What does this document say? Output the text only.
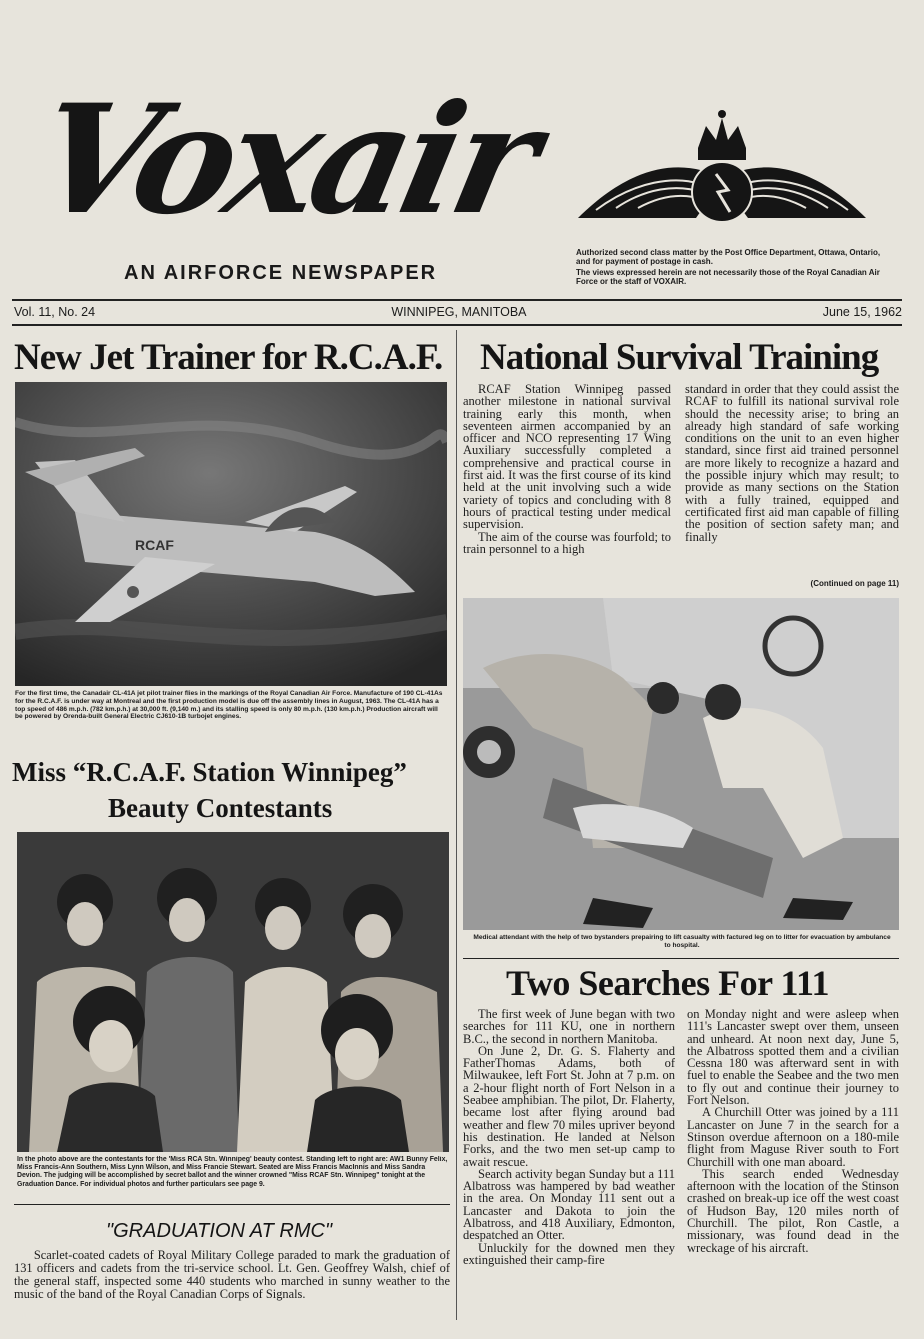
Voxair
AN AIRFORCE NEWSPAPER
Authorized second class matter by the Post Office Department, Ottawa, Ontario, and for payment of postage in cash.
The views expressed herein are not necessarily those of the Royal Canadian Air Force or the staff of VOXAIR.
Vol. 11, No. 24	WINNIPEG, MANITOBA	June 15, 1962
New Jet Trainer for R.C.A.F.
RCAF
For the first time, the Canadair CL-41A jet pilot trainer flies in the markings of the Royal Canadian Air Force. Manufacture of 190 CL-41As for the R.C.A.F. is under way at Montreal and the first production model is due off the assembly lines in August, 1963. The CL-41A has a top speed of 486 m.p.h. (782 km.p.h.) at 30,000 ft. (9,140 m.) and its stalling speed is only 80 m.p.h. (130 km.p.h.) Production aircraft will be powered by Orenda-built General Electric CJ610-1B turbojet engines.
Miss “R.C.A.F. Station Winnipeg”
Beauty Contestants
In the photo above are the contestants for the 'Miss RCA Stn. Winnipeg' beauty contest. Standing left to right are: AW1 Bunny Felix, Miss Francis-Ann Southern, Miss Lynn Wilson, and Miss Francie Stewart. Seated are Miss Francis MacInnis and Miss Sandra Devion. The judging will be accomplished by secret ballot and the winner crowned "Miss RCAF Stn. Winnipeg" tonight at the Graduation Dance. For individual photos and further particulars see page 9.
"GRADUATION AT RMC"

Scarlet-coated cadets of Royal Military College paraded to mark the graduation of 131 officers and cadets from the tri-service school. Lt. Gen. Geoffrey Walsh, chief of the general staff, inspected some 440 students who marched in sunny weather to the music of the band of the Royal Canadian Corps of Signals.

National Survival Training

RCAF Station Winnipeg passed another milestone in national survival training early this month, when seventeen airmen accompanied by an officer and NCO representing 17 Wing Auxiliary successfully completed a comprehensive and practical course in first aid. It was the first course of its kind held at the unit involving such a wide variety of topics and concluding with 8 hours of practical testing under medical supervision.

The aim of the course was fourfold; to train personnel to a high

standard in order that they could assist the RCAF to fulfill its national survival role should the necessity arise; to bring an already high standard of safe working conditions on the unit to an even higher standard, since first aid trained personnel are more likely to recognize a hazard and the possible injury which may result; to provide as many sections on the Station with a fully trained, equipped and certificated first aid man capable of filling the position of section safety man; and finally

(Continued on page 11)
Medical attendant with the help of two bystanders prepairing to lift casualty with factured leg on to litter for evacuation by ambulance to hospital.
Two Searches For 111

The first week of June began with two searches for 111 KU, one in northern B.C., the second in northern Manitoba.

On June 2, Dr. G. S. Flaherty and FatherThomas Adams, both of Milwaukee, left Fort St. John at 7 p.m. on a 2-hour flight north of Fort Nelson in a Seabee amphibian. The pilot, Dr. Flaherty, became lost after flying around bad weather and flew 70 miles upriver beyond his destination. He landed at Nelson Forks, and the two men set-up camp to await rescue.

Search activity began Sunday but a 111 Albatross was hampered by bad weather in the area. On Monday 111 sent out a Lancaster and Dakota to join the Albatross, and 418 Auxiliary, Edmonton, despatched an Otter.

Unluckily for the downed men they extinguished their camp-fire

on Monday night and were asleep when 111's Lancaster swept over them, unseen and unheard. At noon next day, June 5, the Albatross spotted them and a civilian Cessna 180 was afterward sent in with fuel to enable the Seabee and the two men to fly out and continue their journey to Fort Nelson.

A Churchill Otter was joined by a 111 Lancaster on June 7 in the search for a Stinson overdue afternoon on a 180-mile flight from Maguse River south to Fort Churchill with one man aboard.

This search ended Wednesday afternoon with the location of the Stinson crashed on break-up ice off the west coast of Hudson Bay, 120 miles north of Churchill. The pilot, Ron Castle, a missionary, was found dead in the wreckage of his aircraft.
